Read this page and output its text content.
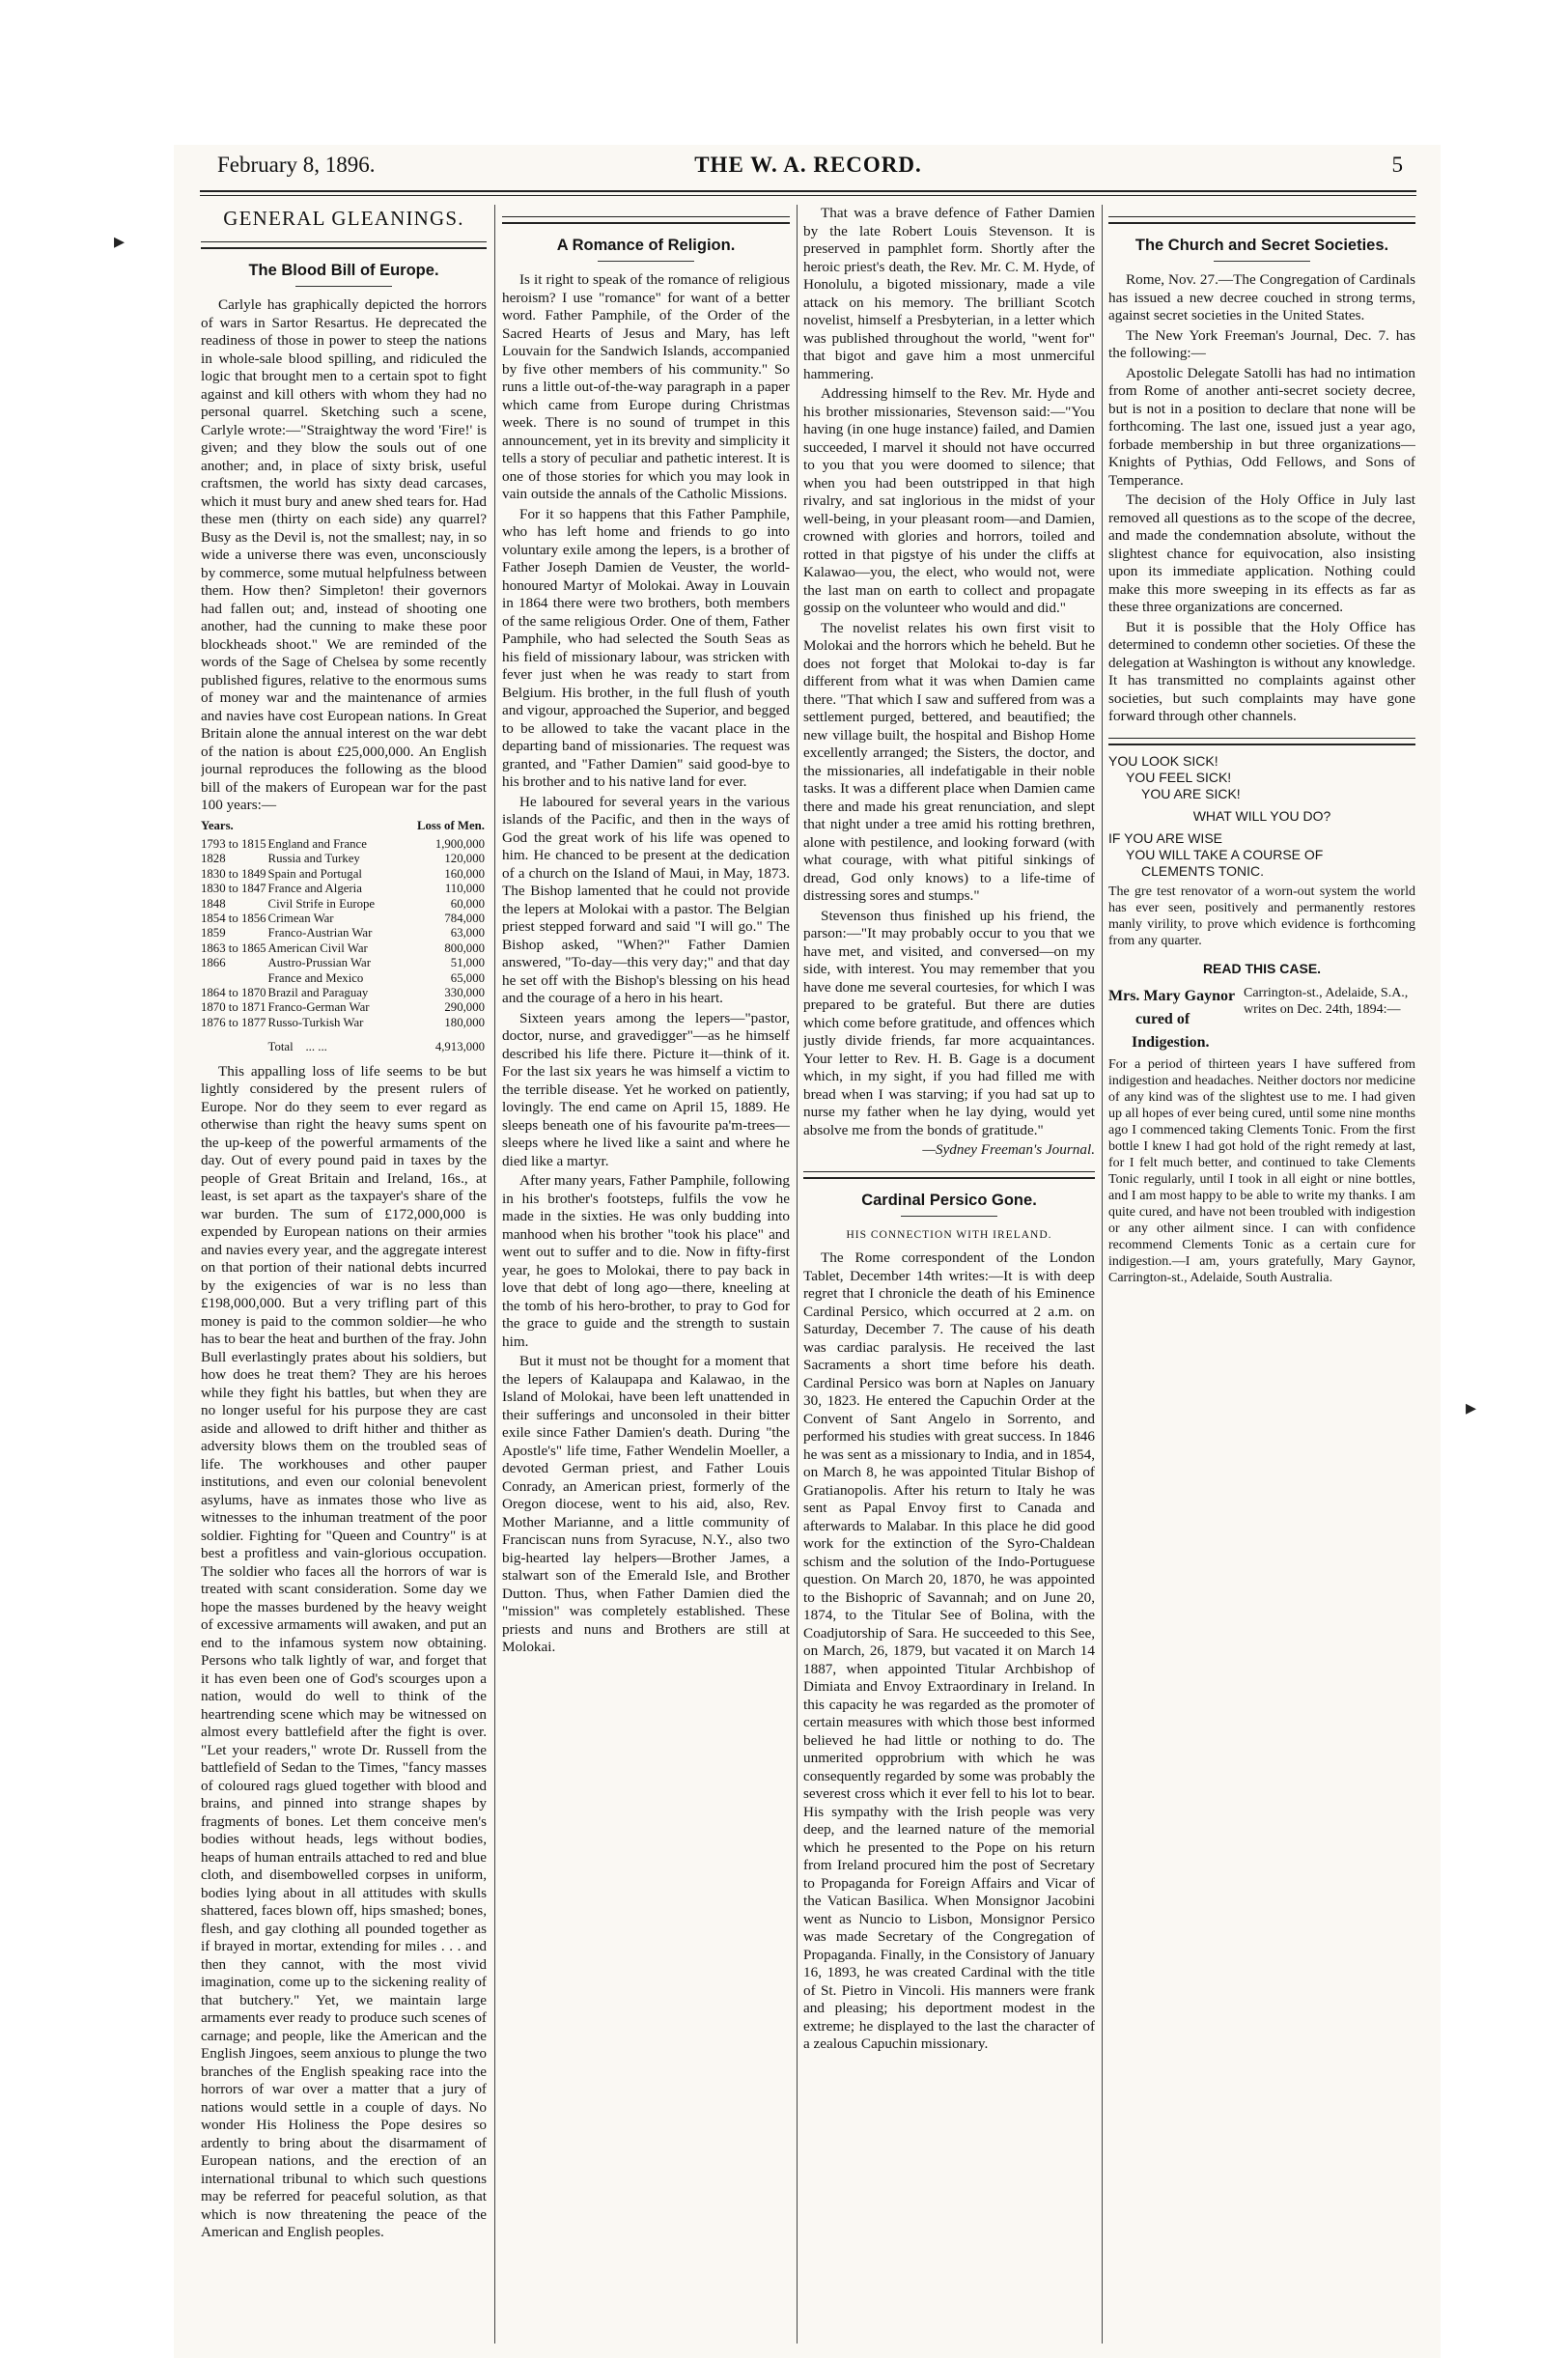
▸
▸
February 8, 1896.	THE W. A. RECORD.	5
GENERAL GLEANINGS.
The Blood Bill of Europe.

Carlyle has graphically depicted the horrors of wars in Sartor Resartus. He deprecated the readiness of those in power to steep the nations in whole-sale blood spilling, and ridiculed the logic that brought men to a certain spot to fight against and kill others with whom they had no personal quarrel. Sketching such a scene, Carlyle wrote:—"Straightway the word 'Fire!' is given; and they blow the souls out of one another; and, in place of sixty brisk, useful craftsmen, the world has sixty dead carcases, which it must bury and anew shed tears for. Had these men (thirty on each side) any quarrel? Busy as the Devil is, not the smallest; nay, in so wide a universe there was even, unconsciously by commerce, some mutual helpfulness between them. How then? Simpleton! their governors had fallen out; and, instead of shooting one another, had the cunning to make these poor blockheads shoot." We are reminded of the words of the Sage of Chelsea by some recently published figures, relative to the enormous sums of money war and the maintenance of armies and navies have cost European nations. In Great Britain alone the annual interest on the war debt of the nation is about £25,000,000. An English journal reproduces the following as the blood bill of the makers of European war for the past 100 years:—

Years.		Loss of Men.
1793 to 1815	England and France	1,900,000
1828	Russia and Turkey	120,000
1830 to 1849	Spain and Portugal	160,000
1830 to 1847	France and Algeria	110,000
1848	Civil Strife in Europe	60,000
1854 to 1856	Crimean War	784,000
1859	Franco-Austrian War	63,000
1863 to 1865	American Civil War	800,000
1866	Austro-Prussian War	51,000
	France and Mexico	65,000
1864 to 1870	Brazil and Paraguay	330,000
1870 to 1871	Franco-German War	290,000
1876 to 1877	Russo-Turkish War	180,000
	Total ... ...	4,913,000

This appalling loss of life seems to be but lightly considered by the present rulers of Europe. Nor do they seem to ever regard as otherwise than right the heavy sums spent on the up-keep of the powerful armaments of the day. Out of every pound paid in taxes by the people of Great Britain and Ireland, 16s., at least, is set apart as the taxpayer's share of the war burden. The sum of £172,000,000 is expended by European nations on their armies and navies every year, and the aggregate interest on that portion of their national debts incurred by the exigencies of war is no less than £198,000,000. But a very trifling part of this money is paid to the common soldier—he who has to bear the heat and burthen of the fray. John Bull everlastingly prates about his soldiers, but how does he treat them? They are his heroes while they fight his battles, but when they are no longer useful for his purpose they are cast aside and allowed to drift hither and thither as adversity blows them on the troubled seas of life. The workhouses and other pauper institutions, and even our colonial benevolent asylums, have as inmates those who live as witnesses to the inhuman treatment of the poor soldier. Fighting for "Queen and Country" is at best a profitless and vain-glorious occupation. The soldier who faces all the horrors of war is treated with scant consideration. Some day we hope the masses burdened by the heavy weight of excessive armaments will awaken, and put an end to the infamous system now obtaining. Persons who talk lightly of war, and forget that it has even been one of God's scourges upon a nation, would do well to think of the heartrending scene which may be witnessed on almost every battlefield after the fight is over. "Let your readers," wrote Dr. Russell from the battlefield of Sedan to the Times, "fancy masses of coloured rags glued together with blood and brains, and pinned into strange shapes by fragments of bones. Let them conceive men's bodies without heads, legs without bodies, heaps of human entrails attached to red and blue cloth, and disembowelled corpses in uniform, bodies lying about in all attitudes with skulls shattered, faces blown off, hips smashed; bones, flesh, and gay clothing all pounded together as if brayed in mortar, extending for miles . . . and then they cannot, with the most vivid imagination, come up to the sickening reality of that butchery." Yet, we maintain large armaments ever ready to produce such scenes of carnage; and people, like the American and the English Jingoes, seem anxious to plunge the two branches of the English speaking race into the horrors of war over a matter that a jury of nations would settle in a couple of days. No wonder His Holiness the Pope desires so ardently to bring about the disarmament of European nations, and the erection of an international tribunal to which such questions may be referred for peaceful solution, as that which is now threatening the peace of the American and English peoples.

A Romance of Religion.

Is it right to speak of the romance of religious heroism? I use "romance" for want of a better word. Father Pamphile, of the Order of the Sacred Hearts of Jesus and Mary, has left Louvain for the Sandwich Islands, accompanied by five other members of his community." So runs a little out-of-the-way paragraph in a paper which came from Europe during Christmas week. There is no sound of trumpet in this announcement, yet in its brevity and simplicity it tells a story of peculiar and pathetic interest. It is one of those stories for which you may look in vain outside the annals of the Catholic Missions.

For it so happens that this Father Pamphile, who has left home and friends to go into voluntary exile among the lepers, is a brother of Father Joseph Damien de Veuster, the world-honoured Martyr of Molokai. Away in Louvain in 1864 there were two brothers, both members of the same religious Order. One of them, Father Pamphile, who had selected the South Seas as his field of missionary labour, was stricken with fever just when he was ready to start from Belgium. His brother, in the full flush of youth and vigour, approached the Superior, and begged to be allowed to take the vacant place in the departing band of missionaries. The request was granted, and "Father Damien" said good-bye to his brother and to his native land for ever.

He laboured for several years in the various islands of the Pacific, and then in the ways of God the great work of his life was opened to him. He chanced to be present at the dedication of a church on the Island of Maui, in May, 1873. The Bishop lamented that he could not provide the lepers at Molokai with a pastor. The Belgian priest stepped forward and said "I will go." The Bishop asked, "When?" Father Damien answered, "To-day—this very day;" and that day he set off with the Bishop's blessing on his head and the courage of a hero in his heart.

Sixteen years among the lepers—"pastor, doctor, nurse, and gravedigger"—as he himself described his life there. Picture it—think of it. For the last six years he was himself a victim to the terrible disease. Yet he worked on patiently, lovingly. The end came on April 15, 1889. He sleeps beneath one of his favourite pa'm-trees—sleeps where he lived like a saint and where he died like a martyr.

After many years, Father Pamphile, following in his brother's footsteps, fulfils the vow he made in the sixties. He was only budding into manhood when his brother "took his place" and went out to suffer and to die. Now in fifty-first year, he goes to Molokai, there to pay back in love that debt of long ago—there, kneeling at the tomb of his hero-brother, to pray to God for the grace to guide and the strength to sustain him.

But it must not be thought for a moment that the lepers of Kalaupapa and Kalawao, in the Island of Molokai, have been left unattended in their sufferings and unconsoled in their bitter exile since Father Damien's death. During "the Apostle's" life time, Father Wendelin Moeller, a devoted German priest, and Father Louis Conrady, an American priest, formerly of the Oregon diocese, went to his aid, also, Rev. Mother Marianne, and a little community of Franciscan nuns from Syracuse, N.Y., also two big-hearted lay helpers—Brother James, a stalwart son of the Emerald Isle, and Brother Dutton. Thus, when Father Damien died the "mission" was completely established. These priests and nuns and Brothers are still at Molokai.

That was a brave defence of Father Damien by the late Robert Louis Stevenson. It is preserved in pamphlet form. Shortly after the heroic priest's death, the Rev. Mr. C. M. Hyde, of Honolulu, a bigoted missionary, made a vile attack on his memory. The brilliant Scotch novelist, himself a Presbyterian, in a letter which was published throughout the world, "went for" that bigot and gave him a most unmerciful hammering.

Addressing himself to the Rev. Mr. Hyde and his brother missionaries, Stevenson said:—"You having (in one huge instance) failed, and Damien succeeded, I marvel it should not have occurred to you that you were doomed to silence; that when you had been outstripped in that high rivalry, and sat inglorious in the midst of your well-being, in your pleasant room—and Damien, crowned with glories and horrors, toiled and rotted in that pigstye of his under the cliffs at Kalawao—you, the elect, who would not, were the last man on earth to collect and propagate gossip on the volunteer who would and did."

The novelist relates his own first visit to Molokai and the horrors which he beheld. But he does not forget that Molokai to-day is far different from what it was when Damien came there. "That which I saw and suffered from was a settlement purged, bettered, and beautified; the new village built, the hospital and Bishop Home excellently arranged; the Sisters, the doctor, and the missionaries, all indefatigable in their noble tasks. It was a different place when Damien came there and made his great renunciation, and slept that night under a tree amid his rotting brethren, alone with pestilence, and looking forward (with what courage, with what pitiful sinkings of dread, God only knows) to a life-time of distressing sores and stumps."

Stevenson thus finished up his friend, the parson:—"It may probably occur to you that we have met, and visited, and conversed—on my side, with interest. You may remember that you have done me several courtesies, for which I was prepared to be grateful. But there are duties which come before gratitude, and offences which justly divide friends, far more acquaintances. Your letter to Rev. H. B. Gage is a document which, in my sight, if you had filled me with bread when I was starving; if you had sat up to nurse my father when he lay dying, would yet absolve me from the bonds of gratitude."

—Sydney Freeman's Journal.

Cardinal Persico Gone.
HIS CONNECTION WITH IRELAND.

The Rome correspondent of the London Tablet, December 14th writes:—It is with deep regret that I chronicle the death of his Eminence Cardinal Persico, which occurred at 2 a.m. on Saturday, December 7. The cause of his death was cardiac paralysis. He received the last Sacraments a short time before his death. Cardinal Persico was born at Naples on January 30, 1823. He entered the Capuchin Order at the Convent of Sant Angelo in Sorrento, and performed his studies with great success. In 1846 he was sent as a missionary to India, and in 1854, on March 8, he was appointed Titular Bishop of Gratianopolis. After his return to Italy he was sent as Papal Envoy first to Canada and afterwards to Malabar. In this place he did good work for the extinction of the Syro-Chaldean schism and the solution of the Indo-Portuguese question. On March 20, 1870, he was appointed to the Bishopric of Savannah; and on June 20, 1874, to the Titular See of Bolina, with the Coadjutorship of Sara. He succeeded to this See, on March, 26, 1879, but vacated it on March 14 1887, when appointed Titular Archbishop of Dimiata and Envoy Extraordinary in Ireland. In this capacity he was regarded as the promoter of certain measures with which those best informed believed he had little or nothing to do. The unmerited opprobrium with which he was consequently regarded by some was probably the severest cross which it ever fell to his lot to bear. His sympathy with the Irish people was very deep, and the learned nature of the memorial which he presented to the Pope on his return from Ireland procured him the post of Secretary to Propaganda for Foreign Affairs and Vicar of the Vatican Basilica. When Monsignor Jacobini went as Nuncio to Lisbon, Monsignor Persico was made Secretary of the Congregation of Propaganda. Finally, in the Consistory of January 16, 1893, he was created Cardinal with the title of St. Pietro in Vincoli. His manners were frank and pleasing; his deportment modest in the extreme; he displayed to the last the character of a zealous Capuchin missionary.

The Church and Secret Societies.

Rome, Nov. 27.—The Congregation of Cardinals has issued a new decree couched in strong terms, against secret societies in the United States.

The New York Freeman's Journal, Dec. 7. has the following:—

Apostolic Delegate Satolli has had no intimation from Rome of another anti-secret society decree, but is not in a position to declare that none will be forthcoming. The last one, issued just a year ago, forbade membership in but three organizations—Knights of Pythias, Odd Fellows, and Sons of Temperance.

The decision of the Holy Office in July last removed all questions as to the scope of the decree, and made the condemnation absolute, without the slightest chance for equivocation, also insisting upon its immediate application. Nothing could make this more sweeping in its effects as far as these three organizations are concerned.

But it is possible that the Holy Office has determined to condemn other societies. Of these the delegation at Washington is without any knowledge. It has transmitted no complaints against other societies, but such complaints may have gone forward through other channels.

YOU LOOK SICK!

YOU FEEL SICK!

YOU ARE SICK!

WHAT WILL YOU DO?

IF YOU ARE WISE

YOU WILL TAKE A COURSE OF

CLEMENTS TONIC.

The gre test renovator of a worn-out system the world has ever seen, positively and permanently restores manly virility, to prove which evidence is forthcoming from any quarter.

READ THIS CASE.

Mrs. Mary Gaynor
cured of
Indigestion.
Carrington-st., Adelaide, S.A., writes on Dec. 24th, 1894:—

For a period of thirteen years I have suffered from indigestion and headaches. Neither doctors nor medicine of any kind was of the slightest use to me. I had given up all hopes of ever being cured, until some nine months ago I commenced taking Clements Tonic. From the first bottle I knew I had got hold of the right remedy at last, for I felt much better, and continued to take Clements Tonic regularly, until I took in all eight or nine bottles, and I am most happy to be able to write my thanks. I am quite cured, and have not been troubled with indigestion or any other ailment since. I can with confidence recommend Clements Tonic as a certain cure for indigestion.—I am, yours gratefully, Mary Gaynor, Carrington-st., Adelaide, South Australia.
